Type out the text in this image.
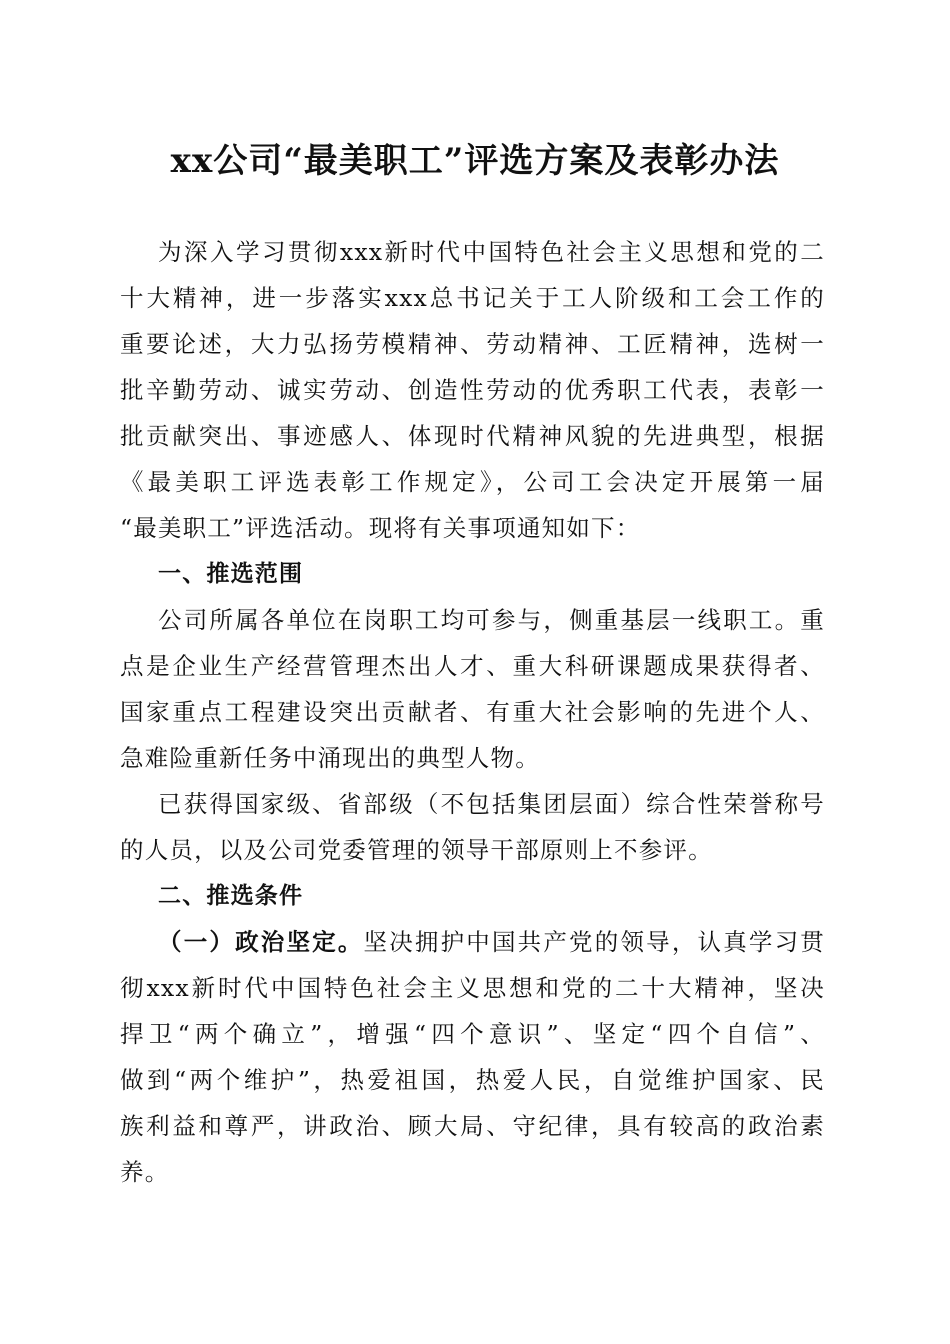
xx公司“最美职工”评选方案及表彰办法
为深入学习贯彻xxx新时代中国特色社会主义思想和党的二
十大精神，进一步落实xxx总书记关于工人阶级和工会工作的
重要论述，大力弘扬劳模精神、劳动精神、工匠精神，选树一
批辛勤劳动、诚实劳动、创造性劳动的优秀职工代表，表彰一
批贡献突出、事迹感人、体现时代精神风貌的先进典型，根据
《最美职工评选表彰工作规定》，公司工会决定开展第一届
“最美职工”评选活动。现将有关事项通知如下：
一、推选范围
公司所属各单位在岗职工均可参与，侧重基层一线职工。重
点是企业生产经营管理杰出人才、重大科研课题成果获得者、
国家重点工程建设突出贡献者、有重大社会影响的先进个人、
急难险重新任务中涌现出的典型人物。
已获得国家级、省部级（不包括集团层面）综合性荣誉称号
的人员，以及公司党委管理的领导干部原则上不参评。
二、推选条件
（一）政治坚定。坚决拥护中国共产党的领导，认真学习贯
彻xxx新时代中国特色社会主义思想和党的二十大精神，坚决
捍卫“两个确立”，增强“四个意识”、坚定“四个自信”、
做到“两个维护”，热爱祖国，热爱人民，自觉维护国家、民
族利益和尊严，讲政治、顾大局、守纪律，具有较高的政治素
养。
